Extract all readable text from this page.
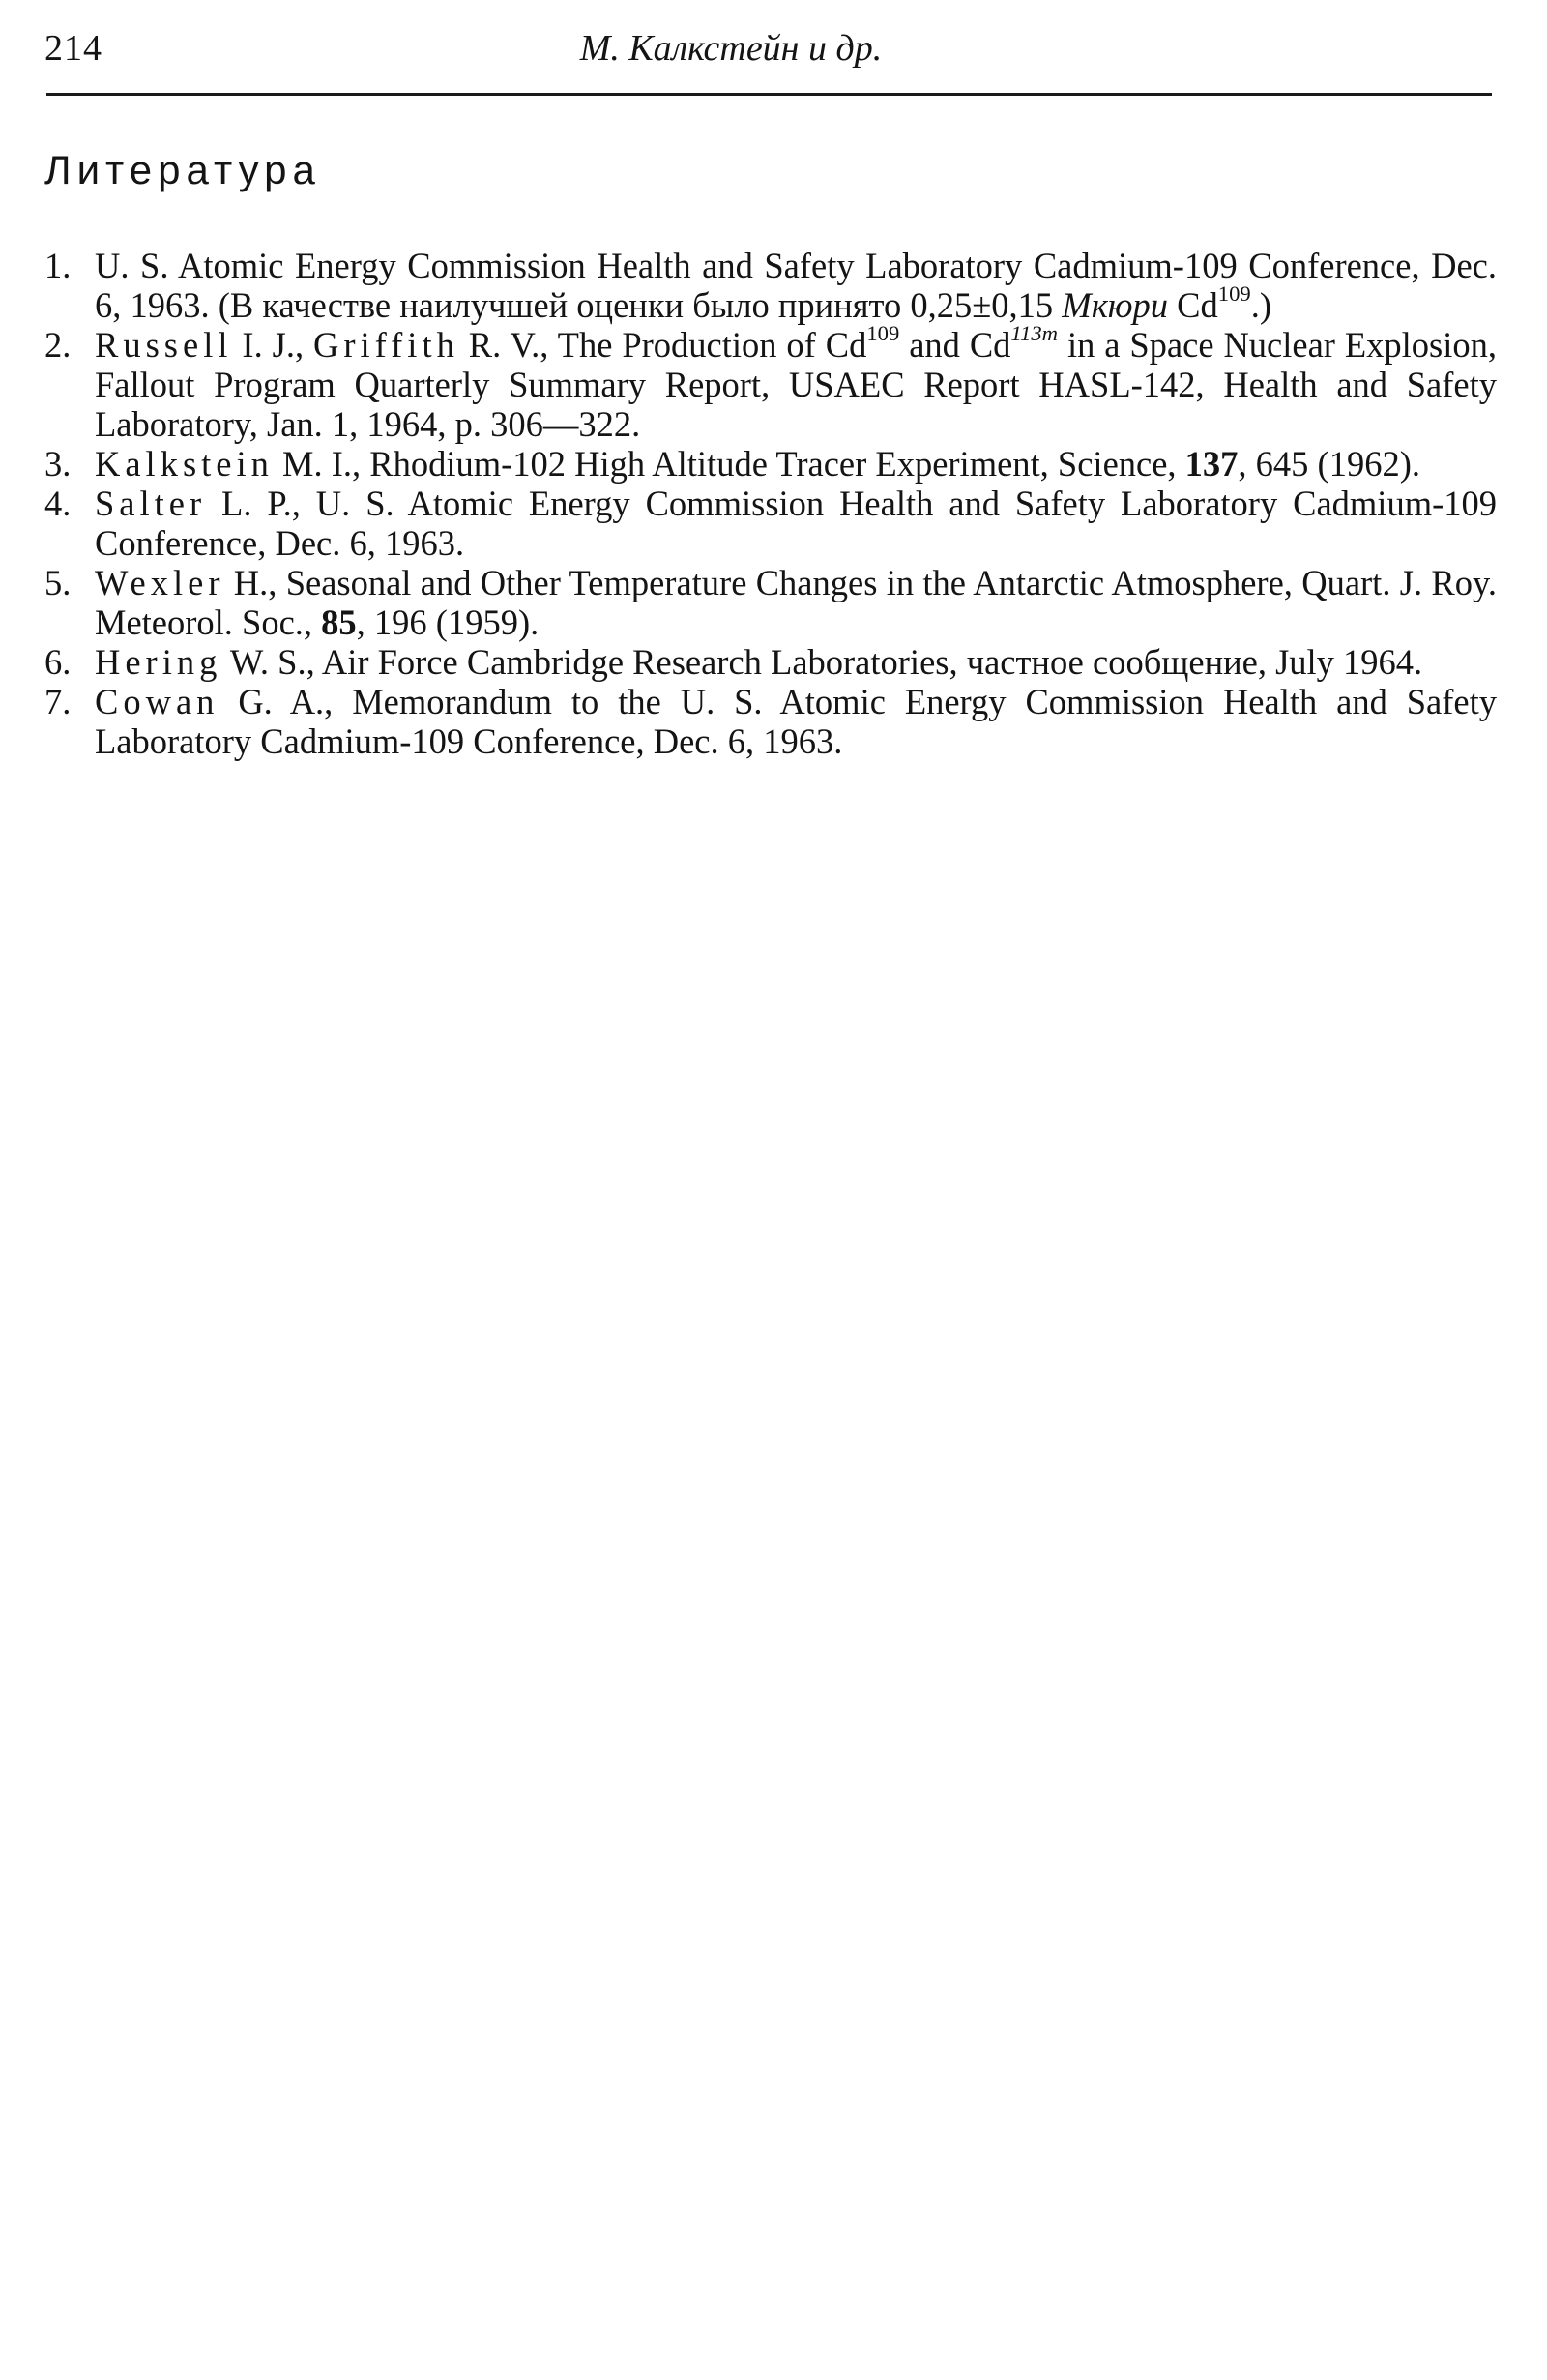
214	М. Калкстейн и др.
Литература
1. U. S. Atomic Energy Commission Health and Safety Laboratory Cadmium-109 Conference, Dec. 6, 1963. (В качестве наилучшей оценки было принято 0,25±0,15 Мкюри Cd$^{109}$.)
2. Russell I. J., Griffith R. V., The Production of Cd$^{109}$ and $Cd^{113m}$ in a Space Nuclear Explosion, Fallout Program Quarterly Summary Report, USAEC Report HASL-142, Health and Safety Laboratory, Jan. 1, 1964, p. 306—322.
3. Kalkstein M. I., Rhodium-102 High Altitude Tracer Experiment, Science, 137, 645 (1962).
4. Salter L. P., U. S. Atomic Energy Commission Health and Safety Laboratory Cadmium-109 Conference, Dec. 6, 1963.
5. Wexler H., Seasonal and Other Temperature Changes in the Antarctic Atmosphere, Quart. J. Roy. Meteorol. Soc., 85, 196 (1959).
6. Hering W. S., Air Force Cambridge Research Laboratories, частное сообщение, July 1964.
7. Cowan G. A., Memorandum to the U. S. Atomic Energy Commission Health and Safety Laboratory Cadmium-109 Conference, Dec. 6, 1963.
